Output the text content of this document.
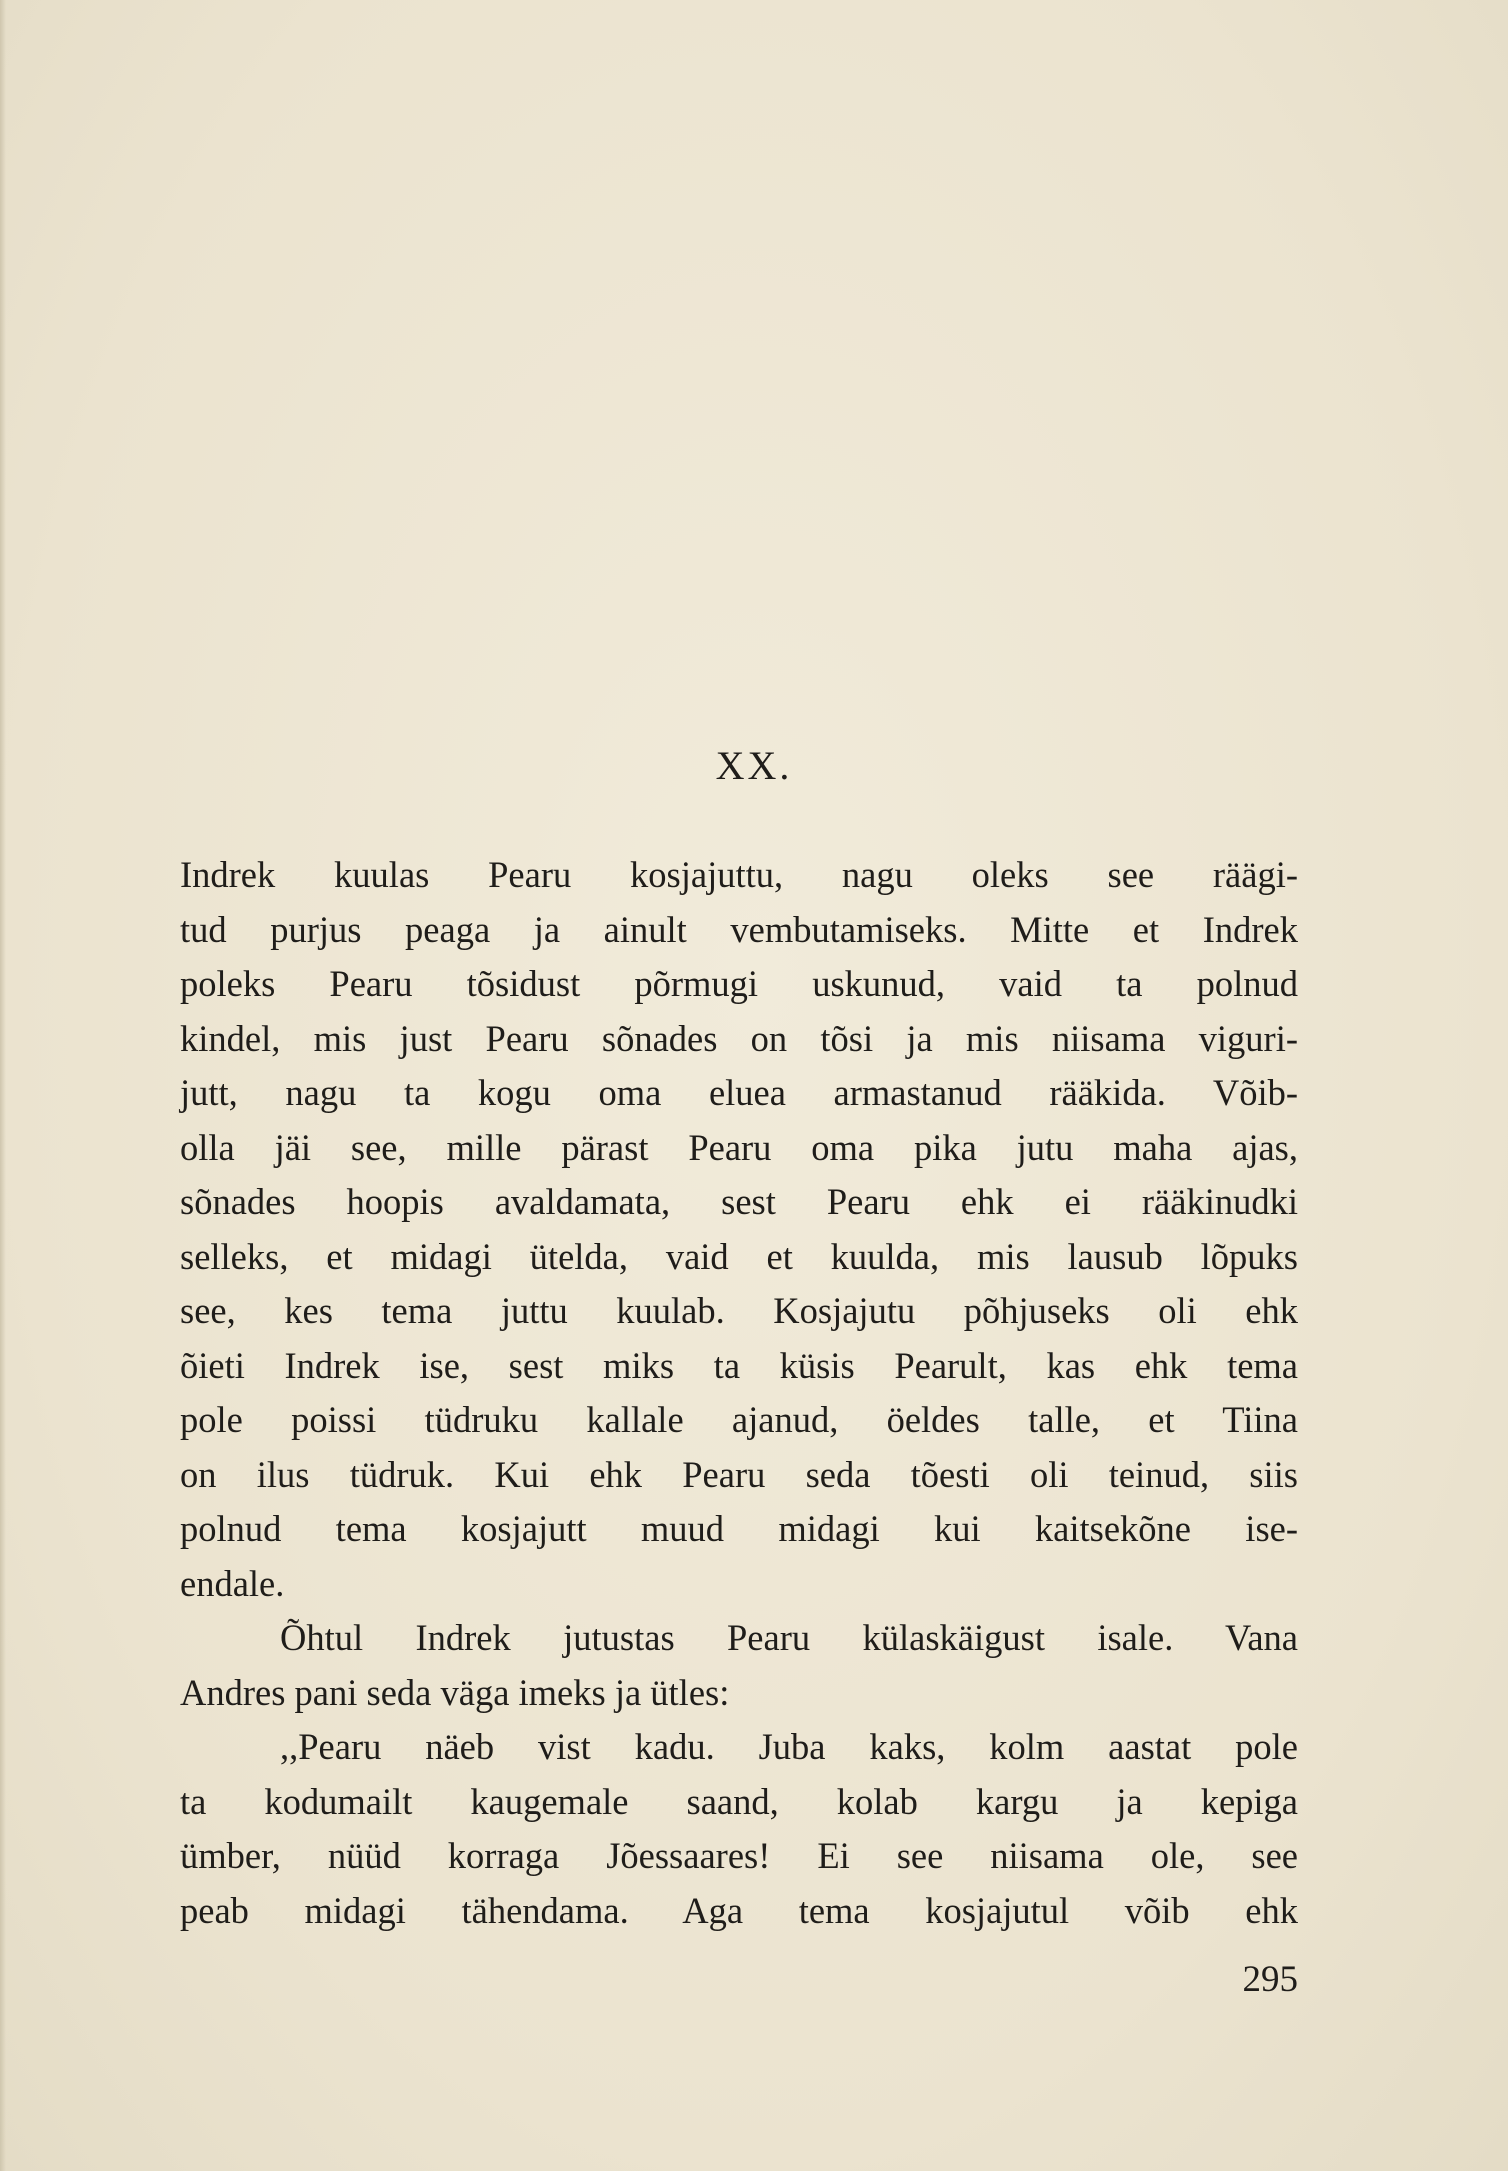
XX.
Indrek kuulas Pearu kosjajuttu, nagu oleks see räägi-
tud purjus peaga ja ainult vembutamiseks. Mitte et Indrek
poleks Pearu tõsidust põrmugi uskunud, vaid ta polnud
kindel, mis just Pearu sõnades on tõsi ja mis niisama viguri-
jutt, nagu ta kogu oma eluea armastanud rääkida. Võib-
olla jäi see, mille pärast Pearu oma pika jutu maha ajas,
sõnades hoopis avaldamata, sest Pearu ehk ei rääkinudki
selleks, et midagi ütelda, vaid et kuulda, mis lausub lõpuks
see, kes tema juttu kuulab. Kosjajutu põhjuseks oli ehk
õieti Indrek ise, sest miks ta küsis Pearult, kas ehk tema
pole poissi tüdruku kallale ajanud, öeldes talle, et Tiina
on ilus tüdruk. Kui ehk Pearu seda tõesti oli teinud, siis
polnud tema kosjajutt muud midagi kui kaitsekõne ise-
endale.
Õhtul Indrek jutustas Pearu külaskäigust isale. Vana
Andres pani seda väga imeks ja ütles:
,,Pearu näeb vist kadu. Juba kaks, kolm aastat pole
ta kodumailt kaugemale saand, kolab kargu ja kepiga
ümber, nüüd korraga Jõessaares! Ei see niisama ole, see
peab midagi tähendama. Aga tema kosjajutul võib ehk
295
